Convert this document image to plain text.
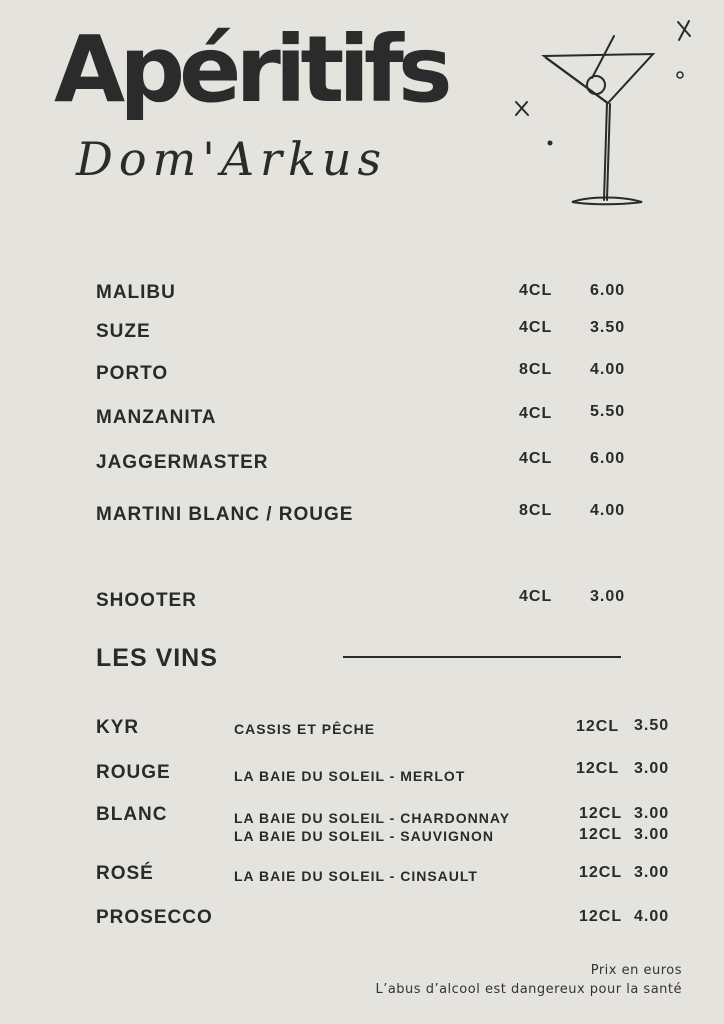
Apéritifs
Dom'Arkus
MALIBU	4CL 6.00
SUZE	4CL 3.50
PORTO	8CL 4.00
MANZANITA	4CL 5.50
JAGGERMASTER	4CL 6.00
MARTINI BLANC / ROUGE	8CL 4.00
SHOOTER	4CL 3.00
LES VINS
KYR	CASSIS ET PÊCHE	12CL 3.50
ROUGE	LA BAIE DU SOLEIL - MERLOT	12CL 3.00
BLANC	LA BAIE DU SOLEIL - CHARDONNAY	12CL 3.00
LA BAIE DU SOLEIL - SAUVIGNON	12CL 3.00
ROSÉ	LA BAIE DU SOLEIL - CINSAULT	12CL 3.00
PROSECCO	12CL 4.00
Prix en euros
L’abus d’alcool est dangereux pour la santé
